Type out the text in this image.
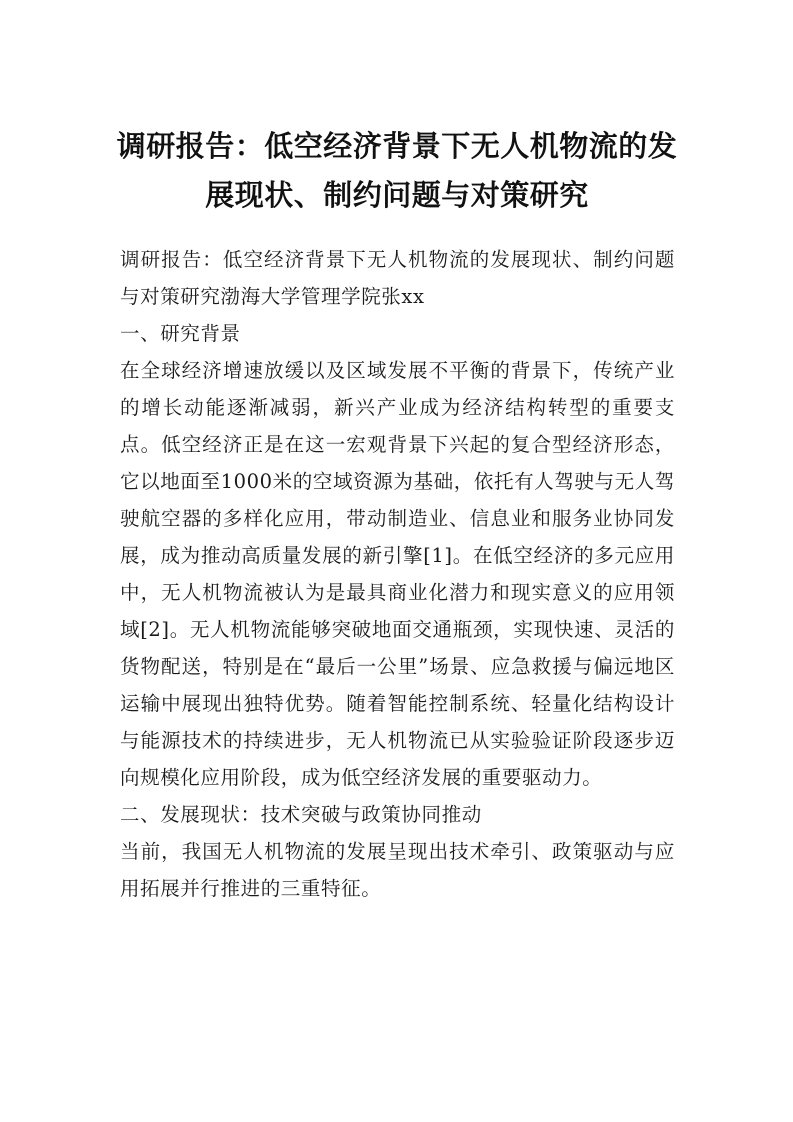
调研报告：低空经济背景下无人机物流的发展现状、制约问题与对策研究

调研报告：低空经济背景下无人机物流的发展现状、制约问题与对策研究渤海大学管理学院张xx

一、研究背景

在全球经济增速放缓以及区域发展不平衡的背景下，传统产业的增长动能逐渐减弱，新兴产业成为经济结构转型的重要支点。低空经济正是在这一宏观背景下兴起的复合型经济形态，它以地面至1000米的空域资源为基础，依托有人驾驶与无人驾驶航空器的多样化应用，带动制造业、信息业和服务业协同发展，成为推动高质量发展的新引擎[1]。在低空经济的多元应用中，无人机物流被认为是最具商业化潜力和现实意义的应用领域[2]。无人机物流能够突破地面交通瓶颈，实现快速、灵活的货物配送，特别是在“最后一公里”场景、应急救援与偏远地区运输中展现出独特优势。随着智能控制系统、轻量化结构设计与能源技术的持续进步，无人机物流已从实验验证阶段逐步迈向规模化应用阶段，成为低空经济发展的重要驱动力。

二、发展现状：技术突破与政策协同推动

当前，我国无人机物流的发展呈现出技术牵引、政策驱动与应用拓展并行推进的三重特征。
